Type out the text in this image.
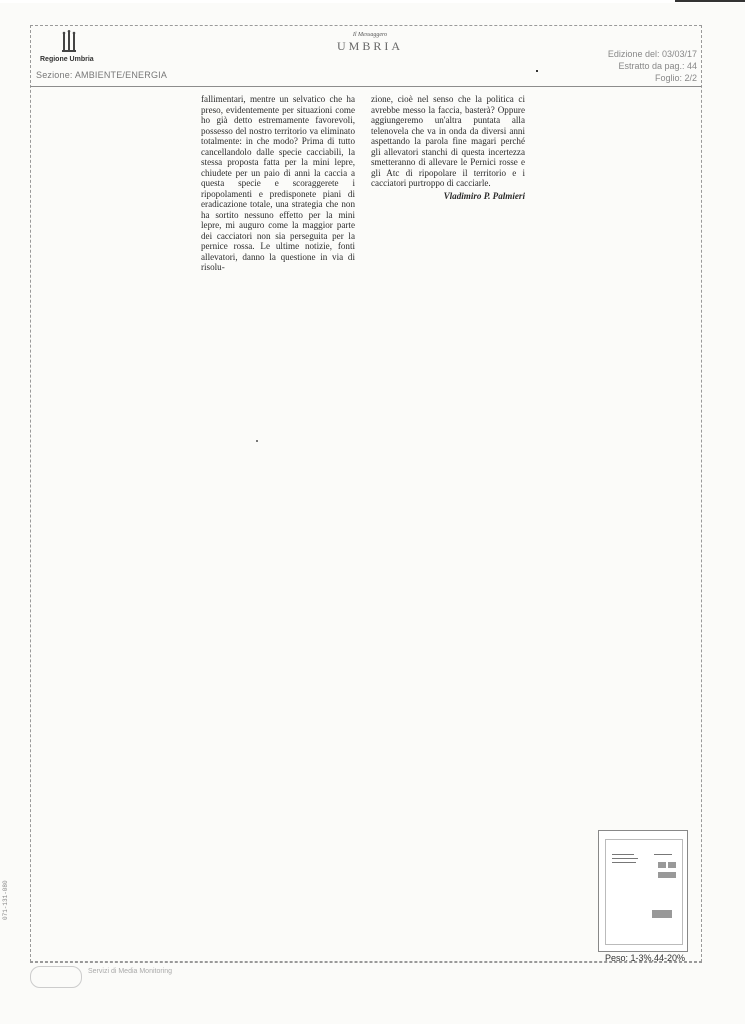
Regione Umbria
Sezione: AMBIENTE/ENERGIA
Il Messaggero
UMBRIA
Edizione del: 03/03/17
Estratto da pag.: 44
Foglio: 2/2

fallimentari, mentre un selvatico che ha preso, evidentemente per situazioni come ho già detto estremamente favorevoli, possesso del nostro territorio va eliminato totalmente: in che modo? Prima di tutto cancellandolo dalle specie cacciabili, la stessa proposta fatta per la mini lepre, chiudete per un paio di anni la caccia a questa specie e scoraggerete i ripopolamenti e predisponete piani di eradicazione totale, una strategia che non ha sortito nessuno effetto per la mini lepre, mi auguro come la maggior parte dei cacciatori non sia perseguita per la pernice rossa. Le ultime notizie, fonti allevatori, danno la questione in via di risolu-

zione, cioè nel senso che la politica ci avrebbe messo la faccia, basterà? Oppure aggiungeremo un'altra puntata alla telenovela che va in onda da diversi anni aspettando la parola fine magari perché gli allevatori stanchi di questa incertezza smetteranno di allevare le Pernici rosse e gli Atc di ripopolare il territorio e i cacciatori purtroppo di cacciarle.

Vladimiro P. Palmieri

Peso: 1-3%,44-20%
Servizi di Media Monitoring
071-131-080
